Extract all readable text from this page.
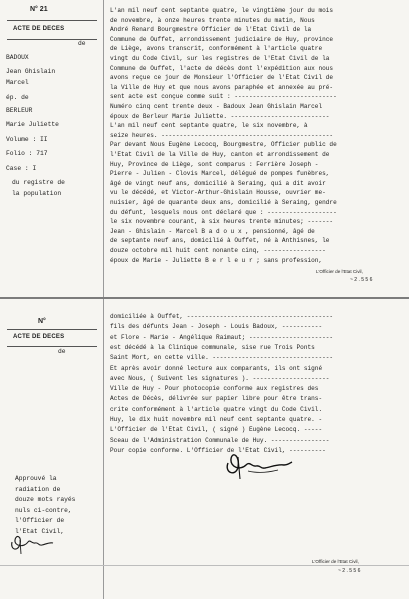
N° 21
ACTE DE DECES
de
BADOUX
Jean Ghislain
Marcel
ép. de
BERLEUR
Marie Juliette
Volume : II
Folio : 717
Case : I
du registre de
la population
L'an mil neuf cent septante quatre, le vingtième jour du mois
de novembre, à onze heures trente minutes du matin, Nous
André Renard Bourgmestre Officier de l'Etat Civil de la
Commune de Ouffet, arrondissement judiciaire de Huy, province
de Liège, avons transcrit, conformément à l'article quatre
vingt du Code Civil, sur les registres de l'Etat Civil de la
Commune de Ouffet, l'acte de décès dont l'expédition aux nous
avons reçue ce jour de Monsieur l'Officier de l'Etat Civil de
la Ville de Huy et que nous avons paraphée et annexée au pré-
sent acte est conçue comme suit : ----------------------------
Numéro cinq cent trente deux - Badoux Jean Ghislain Marcel
époux de Berleur Marie Juliette. ---------------------------
L'an mil neuf cent septante quatre, le six novembre, à
seize heures. -----------------------------------------------
Par devant Nous Eugène Lecocq, Bourgmestre, Officier public de
l'Etat Civil de la Ville de Huy, canton et arrondissement de
Huy, Province de Liège, sont comparus : Ferrière Joseph -
Pierre - Julien - Clovis Marcel, délégué de pompes funèbres,
âgé de vingt neuf ans, domicilié à Seraing, qui a dit avoir
vu le décédé, et Victor-Arthur-Ghislain Housse, ouvrier me-
nuisier, âgé de quarante deux ans, domicilié à Seraing, gendre
du défunt, lesquels nous ont déclaré que : -------------------
le six novembre courant, à six heures trente minutes; -------
Jean - Ghislain - Marcel B a d o u x , pensionné, âgé de
de septante neuf ans, domicilié à Ouffet, né à Anthisnes, le
douze octobre mil huit cent nonante cinq, -----------------
époux de Marie - Juliette B e r l e u r ; sans profession,
L'Officier de l'Etat Civil,
~ 2 . 5 5 6
N°
ACTE DE DECES
de
Approuvé la
radiation de
douze mots rayés
nuls ci-contre,
l'Officier de
l'Etat Civil,
domiciliée à Ouffet, ----------------------------------------
fils des défunts Jean - Joseph - Louis Badoux, -----------
et Flore - Marie - Angélique Raimaut; -----------------------
est décédé à la Clinique communale, sise rue Trois Ponts
Saint Mort, en cette ville. ---------------------------------
Et après avoir donné lecture aux comparants, ils ont signé
avec Nous, ( Suivent les signatures ). ---------------------
Ville de Huy - Pour photocopie conforme aux registres des
Actes de Décès, délivrée sur papier libre pour être trans-
crite conformément à l'article quatre vingt du Code Civil.
Huy, le dix huit novembre mil neuf cent septante quatre. -
L'Officier de l'Etat Civil, ( signé ) Eugène Lecocq. -----
Sceau de l'Administration Communale de Huy. ----------------
Pour copie conforme. L'Officier de l'Etat Civil, ----------
L'Officier de l'Etat Civil,
~ 2 . 5 5 6
